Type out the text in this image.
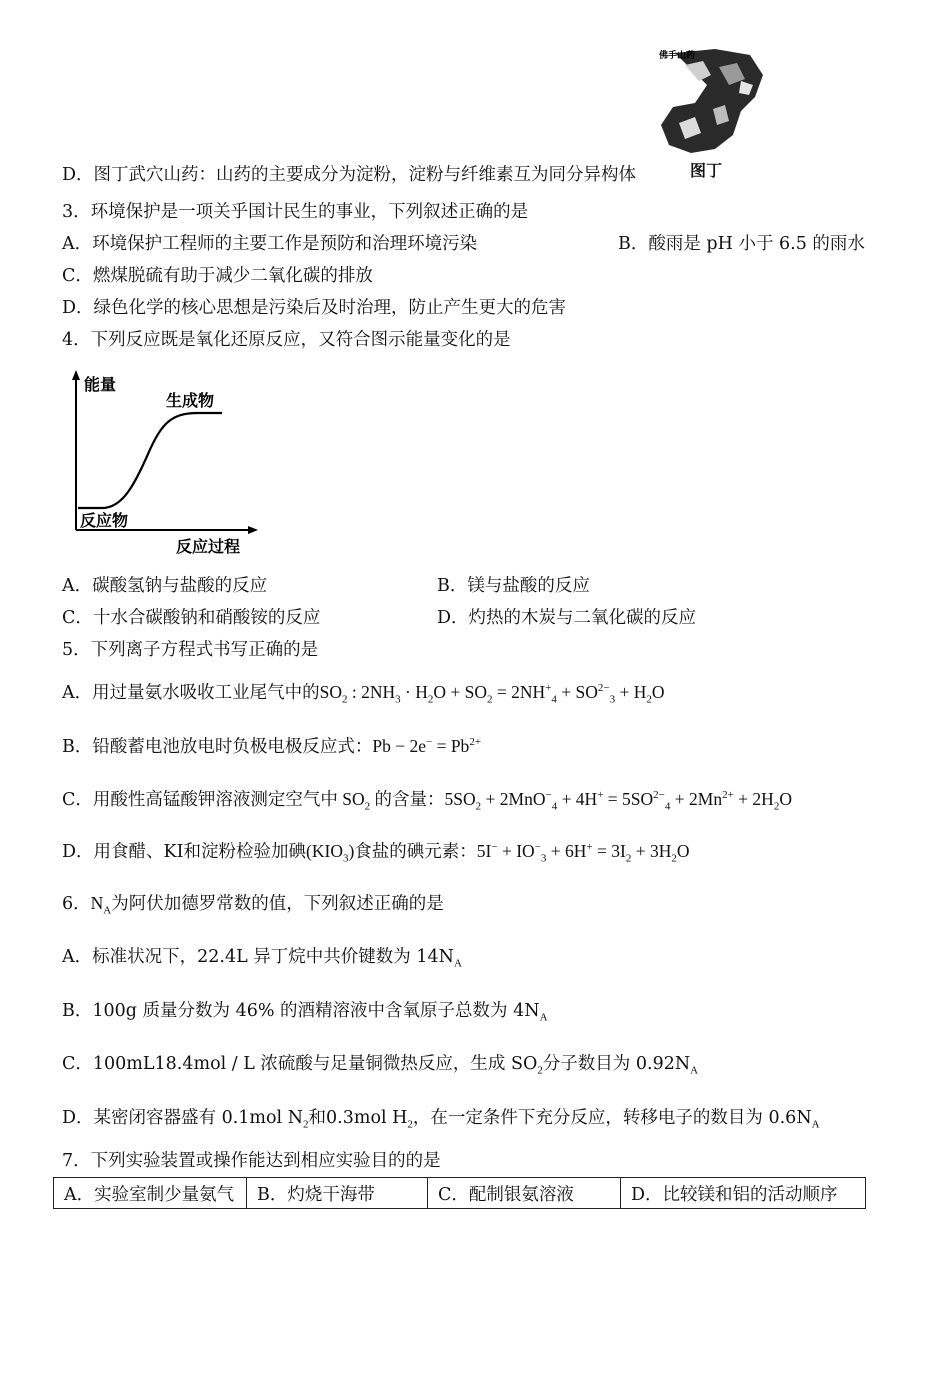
佛手山药
图丁
D．图丁武穴山药：山药的主要成分为淀粉，淀粉与纤维素互为同分异构体
3．环境保护是一项关乎国计民生的事业，下列叙述正确的是
A．环境保护工程师的主要工作是预防和治理环境污染	B．酸雨是 pH 小于 6.5 的雨水
C．燃煤脱硫有助于减少二氧化碳的排放
D．绿色化学的核心思想是污染后及时治理，防止产生更大的危害
4．下列反应既是氧化还原反应，又符合图示能量变化的是
能量
生成物
反应物
反应过程
A．碳酸氢钠与盐酸的反应	B．镁与盐酸的反应
C．十水合碳酸钠和硝酸铵的反应	D．灼热的木炭与二氧化碳的反应
5．下列离子方程式书写正确的是
A．用过量氨水吸收工业尾气中的$SO_2$ : $2NH_3 \cdot H_2O + SO_2 = 2NH^+_4 + SO^{2-}_3 + H_2O$
B．铅酸蓄电池放电时负极电极反应式：$Pb - 2e^- = Pb^{2+}$
C．用酸性高锰酸钾溶液测定空气中 $SO_2$ 的含量：$5SO_2 + 2MnO^-_4 + 4H^+ = 5SO^{2-}_4 + 2Mn^{2+} + 2H_2O$
D．用食醋、KI和淀粉检验加碘$(KIO_3)$食盐的碘元素：$5I^- + IO^-_3 + 6H^+ = 3I_2 + 3H_2O$
6．$N_A$为阿伏加德罗常数的值，下列叙述正确的是
A．标准状况下，22.4L 异丁烷中共价键数为 $14N_A$
B．100g 质量分数为 46% 的酒精溶液中含氧原子总数为 $4N_A$
C．100mL18.4mol / L 浓硫酸与足量铜微热反应，生成 $SO_2$分子数目为 $0.92N_A$
D．某密闭容器盛有 0.1mol $N_2$和0.3mol $H_2$，在一定条件下充分反应，转移电子的数目为 $0.6N_A$
7．下列实验装置或操作能达到相应实验目的的是
A．实验室制少量氨气	B．灼烧干海带	C．配制银氨溶液	D．比较镁和铝的活动顺序
